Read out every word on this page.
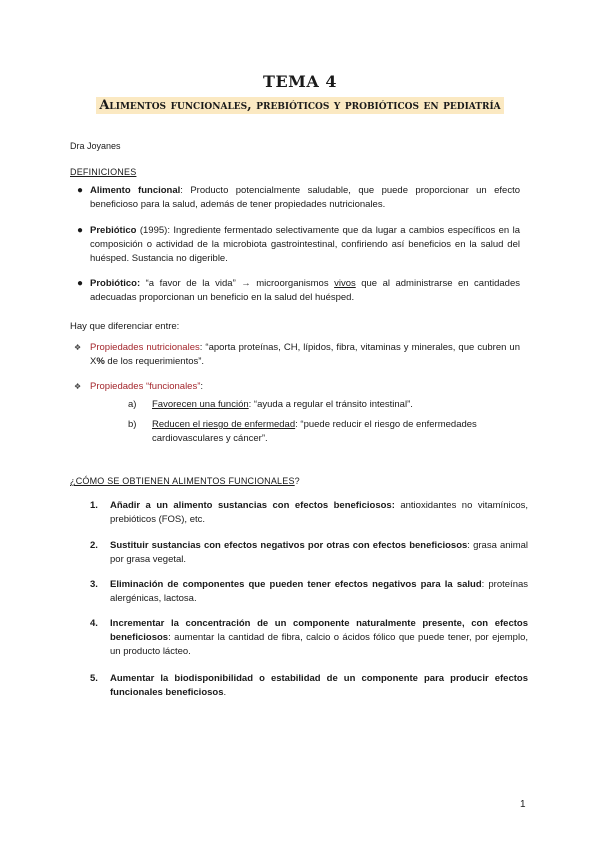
TEMA 4
Alimentos funcionales, prebióticos y probióticos en pediatría
Dra Joyanes
DEFINICIONES
● Alimento funcional: Producto potencialmente saludable, que puede proporcionar un efecto beneficioso para la salud, además de tener propiedades nutricionales.
● Prebiótico (1995): Ingrediente fermentado selectivamente que da lugar a cambios específicos en la composición o actividad de la microbiota gastrointestinal, confiriendo así beneficios en la salud del huésped. Sustancia no digerible.
● Probiótico: “a favor de la vida” → microorganismos vivos que al administrarse en cantidades adecuadas proporcionan un beneficio en la salud del huésped.
Hay que diferenciar entre:
❖ Propiedades nutricionales: “aporta proteínas, CH, lípidos, fibra, vitaminas y minerales, que cubren un X% de los requerimientos”.
❖ Propiedades “funcionales”:
a) Favorecen una función: “ayuda a regular el tránsito intestinal”.
b) Reducen el riesgo de enfermedad: “puede reducir el riesgo de enfermedades cardiovasculares y cáncer”.
¿CÓMO SE OBTIENEN ALIMENTOS FUNCIONALES?
1. Añadir a un alimento sustancias con efectos beneficiosos: antioxidantes no vitamínicos, prebióticos (FOS), etc.
2. Sustituir sustancias con efectos negativos por otras con efectos beneficiosos: grasa animal por grasa vegetal.
3. Eliminación de componentes que pueden tener efectos negativos para la salud: proteínas alergénicas, lactosa.
4. Incrementar la concentración de un componente naturalmente presente, con efectos beneficiosos: aumentar la cantidad de fibra, calcio o ácidos fólico que puede tener, por ejemplo, un producto lácteo.
5. Aumentar la biodisponibilidad o estabilidad de un componente para producir efectos funcionales beneficiosos.
1
